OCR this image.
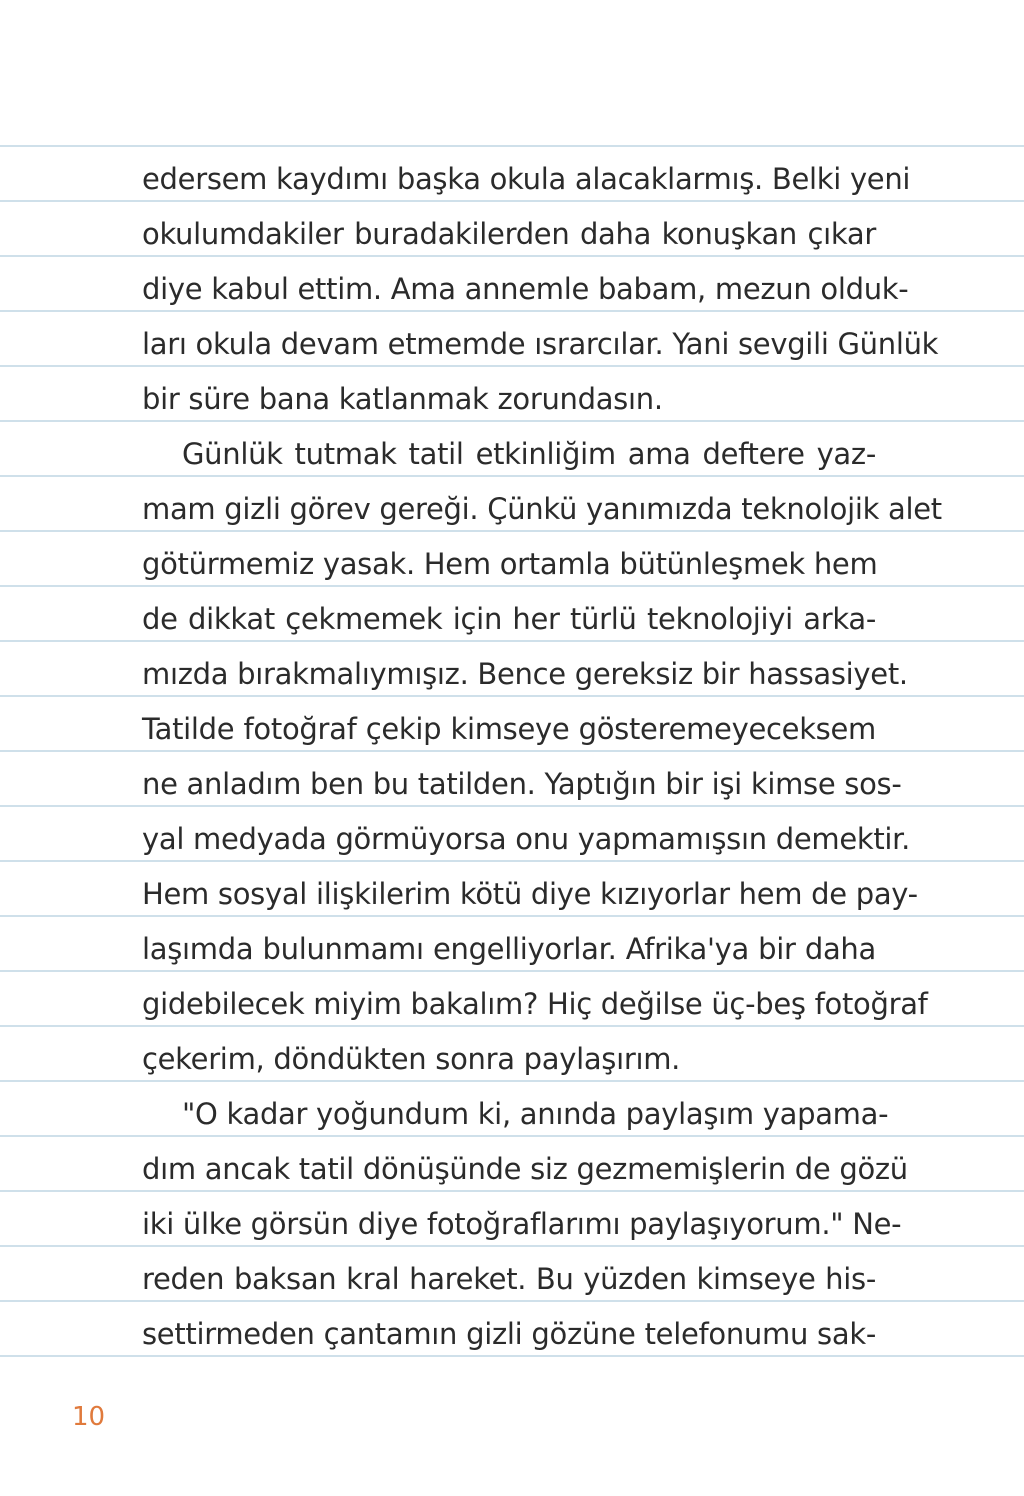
edersem kaydımı başka okula alacaklarmış. Belki yeni
okulumdakiler buradakilerden daha konuşkan çıkar
diye kabul ettim. Ama annemle babam, mezun olduk-
ları okula devam etmemde ısrarcılar. Yani sevgili Günlük
bir süre bana katlanmak zorundasın.
Günlük tutmak tatil etkinliğim ama deftere yaz-
mam gizli görev gereği. Çünkü yanımızda teknolojik alet
götürmemiz yasak. Hem ortamla bütünleşmek hem
de dikkat çekmemek için her türlü teknolojiyi arka-
mızda bırakmalıymışız. Bence gereksiz bir hassasiyet.
Tatilde fotoğraf çekip kimseye gösteremeyeceksem
ne anladım ben bu tatilden. Yaptığın bir işi kimse sos-
yal medyada görmüyorsa onu yapmamışsın demektir.
Hem sosyal ilişkilerim kötü diye kızıyorlar hem de pay-
laşımda bulunmamı engelliyorlar. Afrika'ya bir daha
gidebilecek miyim bakalım? Hiç değilse üç-beş fotoğraf
çekerim, döndükten sonra paylaşırım.
"O kadar yoğundum ki, anında paylaşım yapama-
dım ancak tatil dönüşünde siz gezmemişlerin de gözü
iki ülke görsün diye fotoğraflarımı paylaşıyorum." Ne-
reden baksan kral hareket. Bu yüzden kimseye his-
settirmeden çantamın gizli gözüne telefonumu sak-
10
